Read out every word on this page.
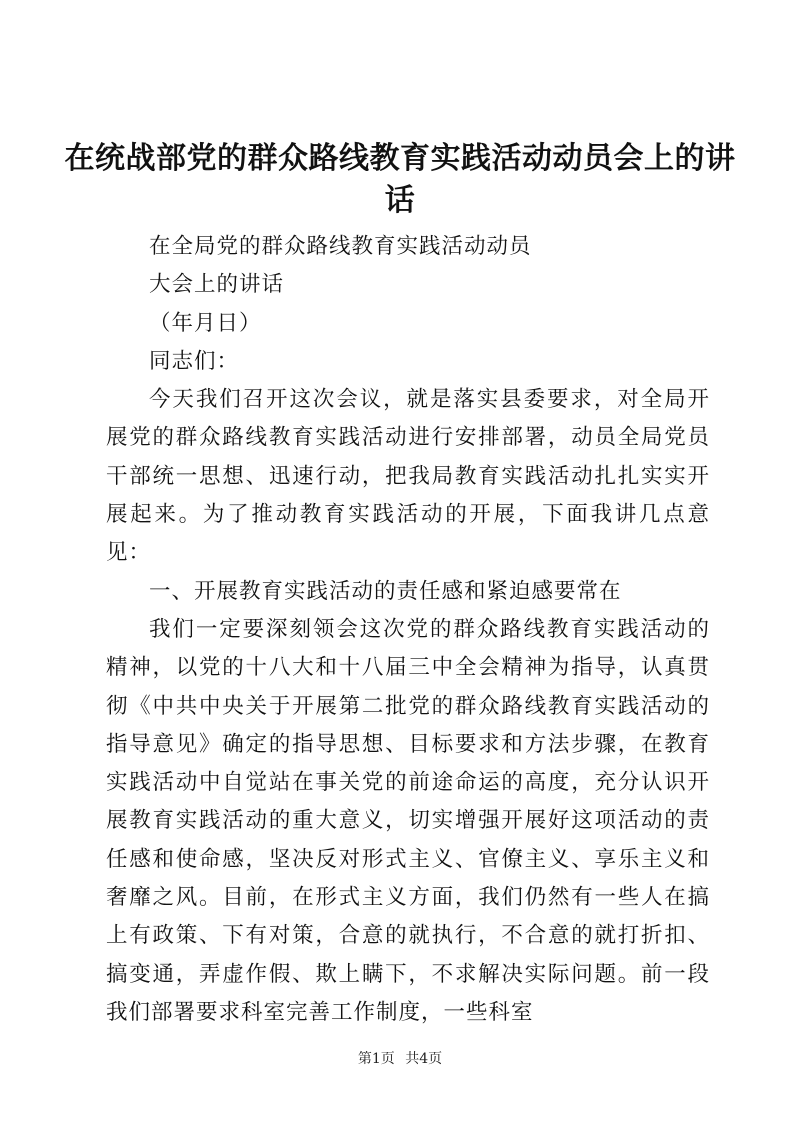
在统战部党的群众路线教育实践活动动员会上的讲话

在全局党的群众路线教育实践活动动员

大会上的讲话

（年月日）

同志们：

今天我们召开这次会议，就是落实县委要求，对全局开展党的群众路线教育实践活动进行安排部署，动员全局党员干部统一思想、迅速行动，把我局教育实践活动扎扎实实开展起来。为了推动教育实践活动的开展，下面我讲几点意见：

一、开展教育实践活动的责任感和紧迫感要常在

我们一定要深刻领会这次党的群众路线教育实践活动的精神，以党的十八大和十八届三中全会精神为指导，认真贯彻《中共中央关于开展第二批党的群众路线教育实践活动的指导意见》确定的指导思想、目标要求和方法步骤，在教育实践活动中自觉站在事关党的前途命运的高度，充分认识开展教育实践活动的重大意义，切实增强开展好这项活动的责任感和使命感，坚决反对形式主义、官僚主义、享乐主义和奢靡之风。目前，在形式主义方面，我们仍然有一些人在搞上有政策、下有对策，合意的就执行，不合意的就打折扣、搞变通，弄虚作假、欺上瞒下，不求解决实际问题。前一段我们部署要求科室完善工作制度，一些科室

第1页 共4页
